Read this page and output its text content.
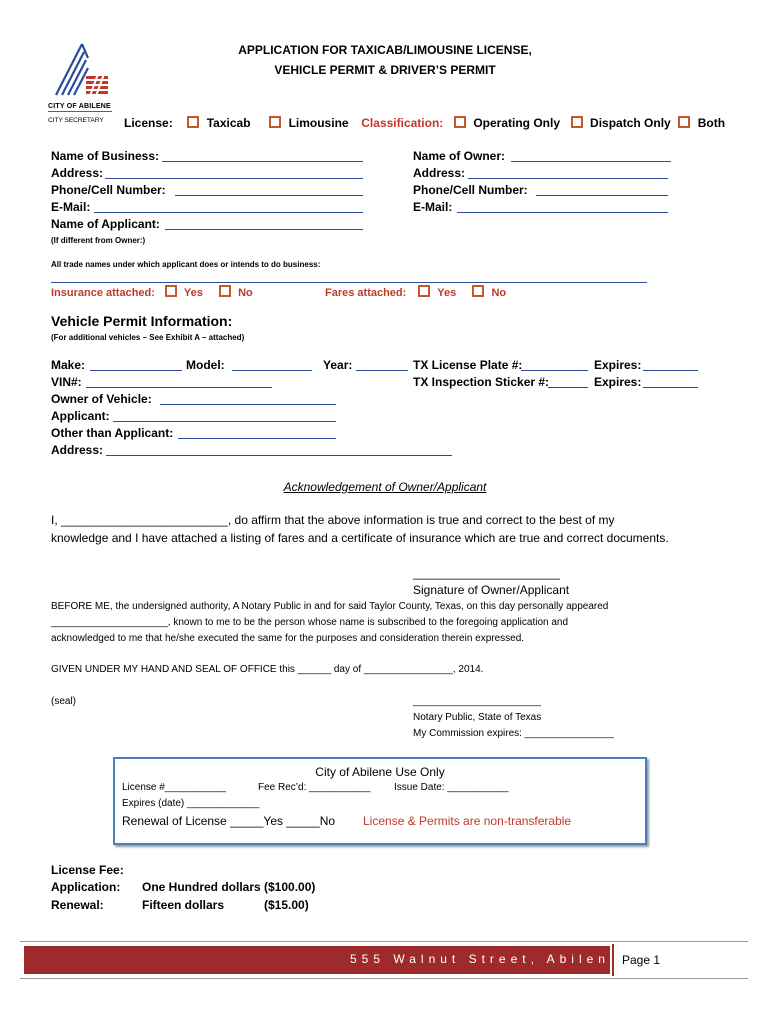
CITY OF ABILENE
CITY SECRETARY
APPLICATION FOR TAXICAB/LIMOUSINE LICENSE,
VEHICLE PERMIT & DRIVER’S PERMIT
License:	Taxicab	Limousine Classification:	Operating Only	Dispatch Only Both
Name of Business:
Address:
Phone/Cell Number:
E-Mail:
Name of Applicant:
(If different from Owner:)
Name of Owner:
Address:
Phone/Cell Number:
E-Mail:
All trade names under which applicant does or intends to do business:
Insurance attached:	Yes	No	Fares attached:	Yes	No
Vehicle Permit Information:
(For additional vehicles – See Exhibit A – attached)
Make:	Model:	Year:	TX License Plate #:	Expires:
VIN#:	TX Inspection Sticker #:	Expires:
Owner of Vehicle:
Applicant:
Other than Applicant:
Address:
Acknowledgement of Owner/Applicant
I, _________________________, do affirm that the above information is true and correct to the best of my
knowledge and I have attached a listing of fares and a certificate of insurance which are true and correct documents.
______________________
Signature of Owner/Applicant
BEFORE ME, the undersigned authority, A Notary Public in and for said Taylor County, Texas, on this day personally appeared
_____________________, known to me to be the person whose name is subscribed to the foregoing application and
acknowledged to me that he/she executed the same for the purposes and consideration therein expressed.
GIVEN UNDER MY HAND AND SEAL OF OFFICE this ______ day of ________________, 2014.
(seal)	_______________________
Notary Public, State of Texas
My Commission expires: ________________
City of Abilene Use Only
License #___________	Fee Rec’d: ___________ Issue Date: ___________
Expires (date) _____________
Renewal of License _____Yes _____No License & Permits are non-transferable
License Fee:
Application: One Hundred dollars ($100.00)
Renewal:	Fifteen dollars	($15.00)
555 Walnut Street, Abilene Page 1
